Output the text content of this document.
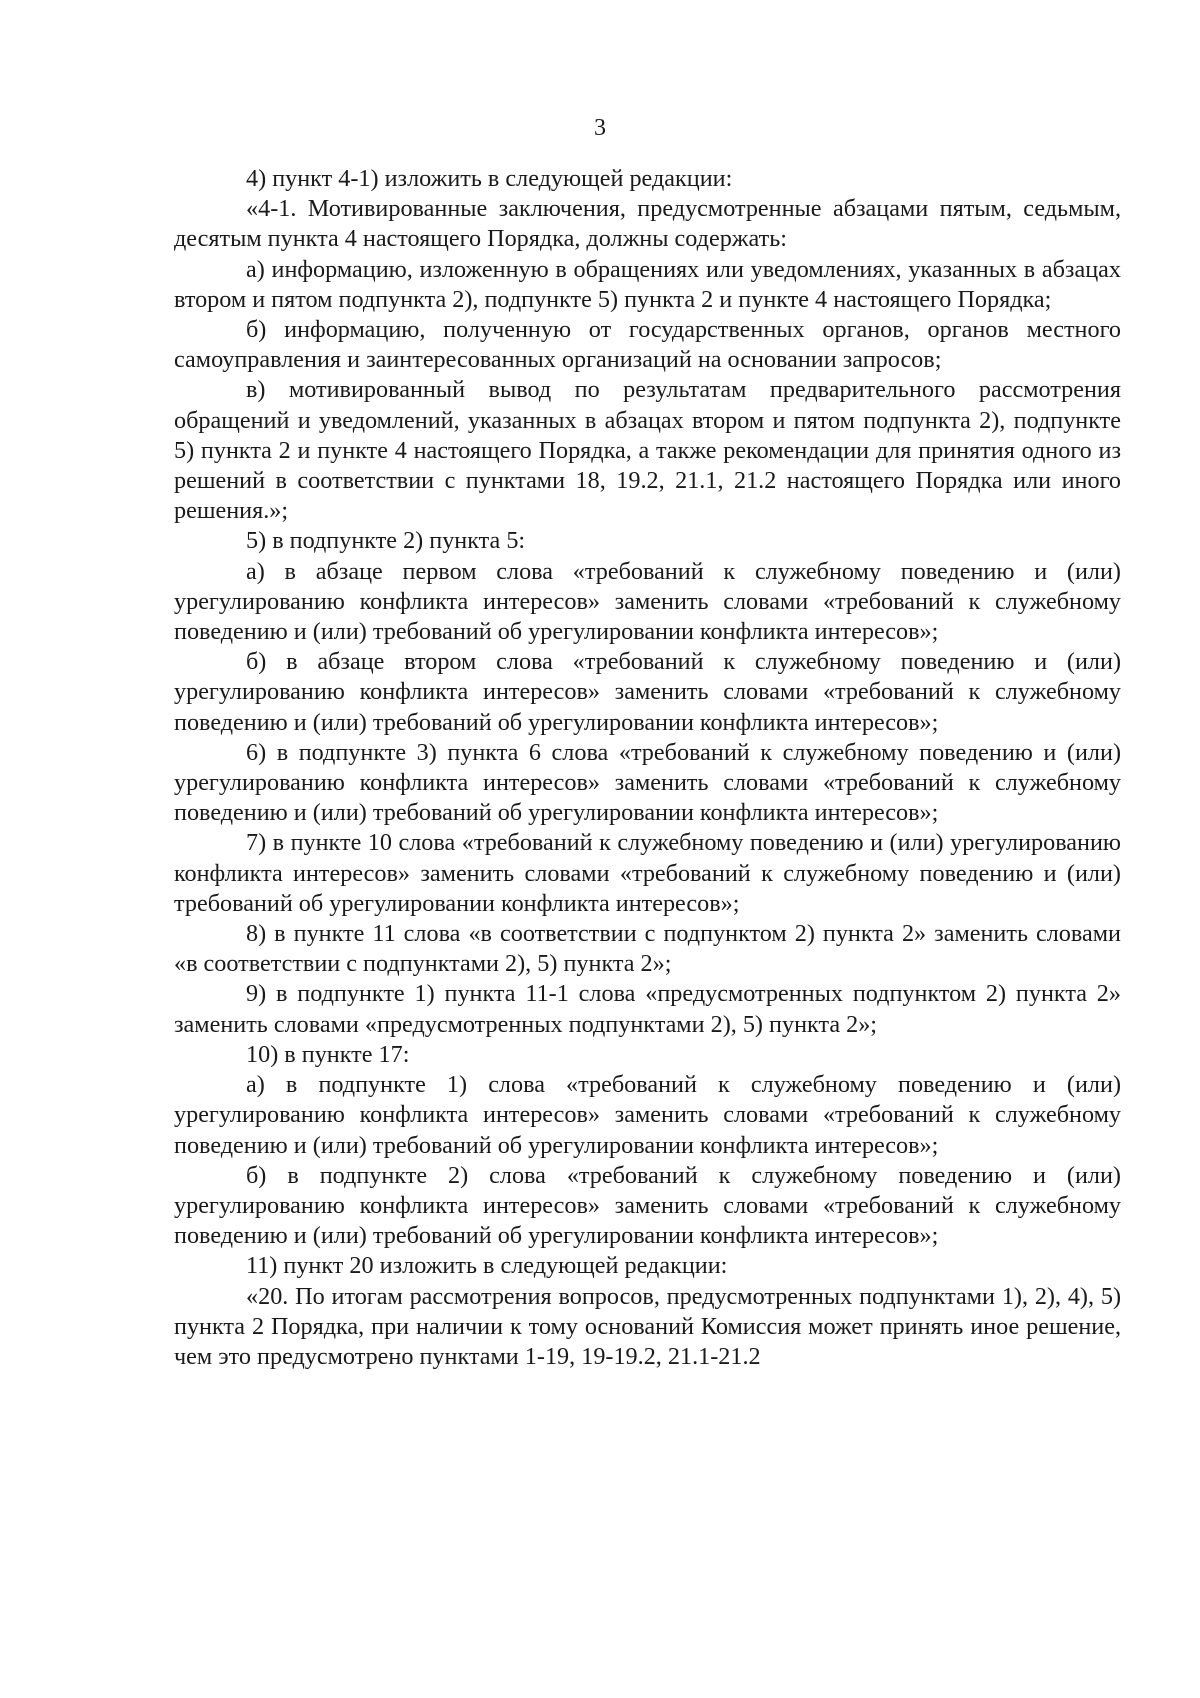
3

4) пункт 4-1) изложить в следующей редакции:

«4-1. Мотивированные заключения, предусмотренные абзацами пятым, седьмым, десятым пункта 4 настоящего Порядка, должны содержать:

а) информацию, изложенную в обращениях или уведомлениях, указанных в абзацах втором и пятом подпункта 2), подпункте 5) пункта 2 и пункте 4 настоящего Порядка;

б) информацию, полученную от государственных органов, органов местного самоуправления и заинтересованных организаций на основании запросов;

в) мотивированный вывод по результатам предварительного рассмотрения обращений и уведомлений, указанных в абзацах втором и пятом подпункта 2), подпункте 5) пункта 2 и пункте 4 настоящего Порядка, а также рекомендации для принятия одного из решений в соответствии с пунктами 18, 19.2, 21.1, 21.2 настоящего Порядка или иного решения.»;

5) в подпункте 2) пункта 5:

а) в абзаце первом слова «требований к служебному поведению и (или) урегулированию конфликта интересов» заменить словами «требований к служебному поведению и (или) требований об урегулировании конфликта интересов»;

б) в абзаце втором слова «требований к служебному поведению и (или) урегулированию конфликта интересов» заменить словами «требований к служебному поведению и (или) требований об урегулировании конфликта интересов»;

6) в подпункте 3) пункта 6 слова «требований к служебному поведению и (или) урегулированию конфликта интересов» заменить словами «требований к служебному поведению и (или) требований об урегулировании конфликта интересов»;

7) в пункте 10 слова «требований к служебному поведению и (или) урегулированию конфликта интересов» заменить словами «требований к служебному поведению и (или) требований об урегулировании конфликта интересов»;

8) в пункте 11 слова «в соответствии с подпунктом 2) пункта 2» заменить словами «в соответствии с подпунктами 2), 5) пункта 2»;

9) в подпункте 1) пункта 11-1 слова «предусмотренных подпунктом 2) пункта 2» заменить словами «предусмотренных подпунктами 2), 5) пункта 2»;

10) в пункте 17:

а) в подпункте 1) слова «требований к служебному поведению и (или) урегулированию конфликта интересов» заменить словами «требований к служебному поведению и (или) требований об урегулировании конфликта интересов»;

б) в подпункте 2) слова «требований к служебному поведению и (или) урегулированию конфликта интересов» заменить словами «требований к служебному поведению и (или) требований об урегулировании конфликта интересов»;

11) пункт 20 изложить в следующей редакции:

«20. По итогам рассмотрения вопросов, предусмотренных подпунктами 1), 2), 4), 5) пункта 2 Порядка, при наличии к тому оснований Комиссия может принять иное решение, чем это предусмотрено пунктами 1-19, 19-19.2, 21.1-21.2
